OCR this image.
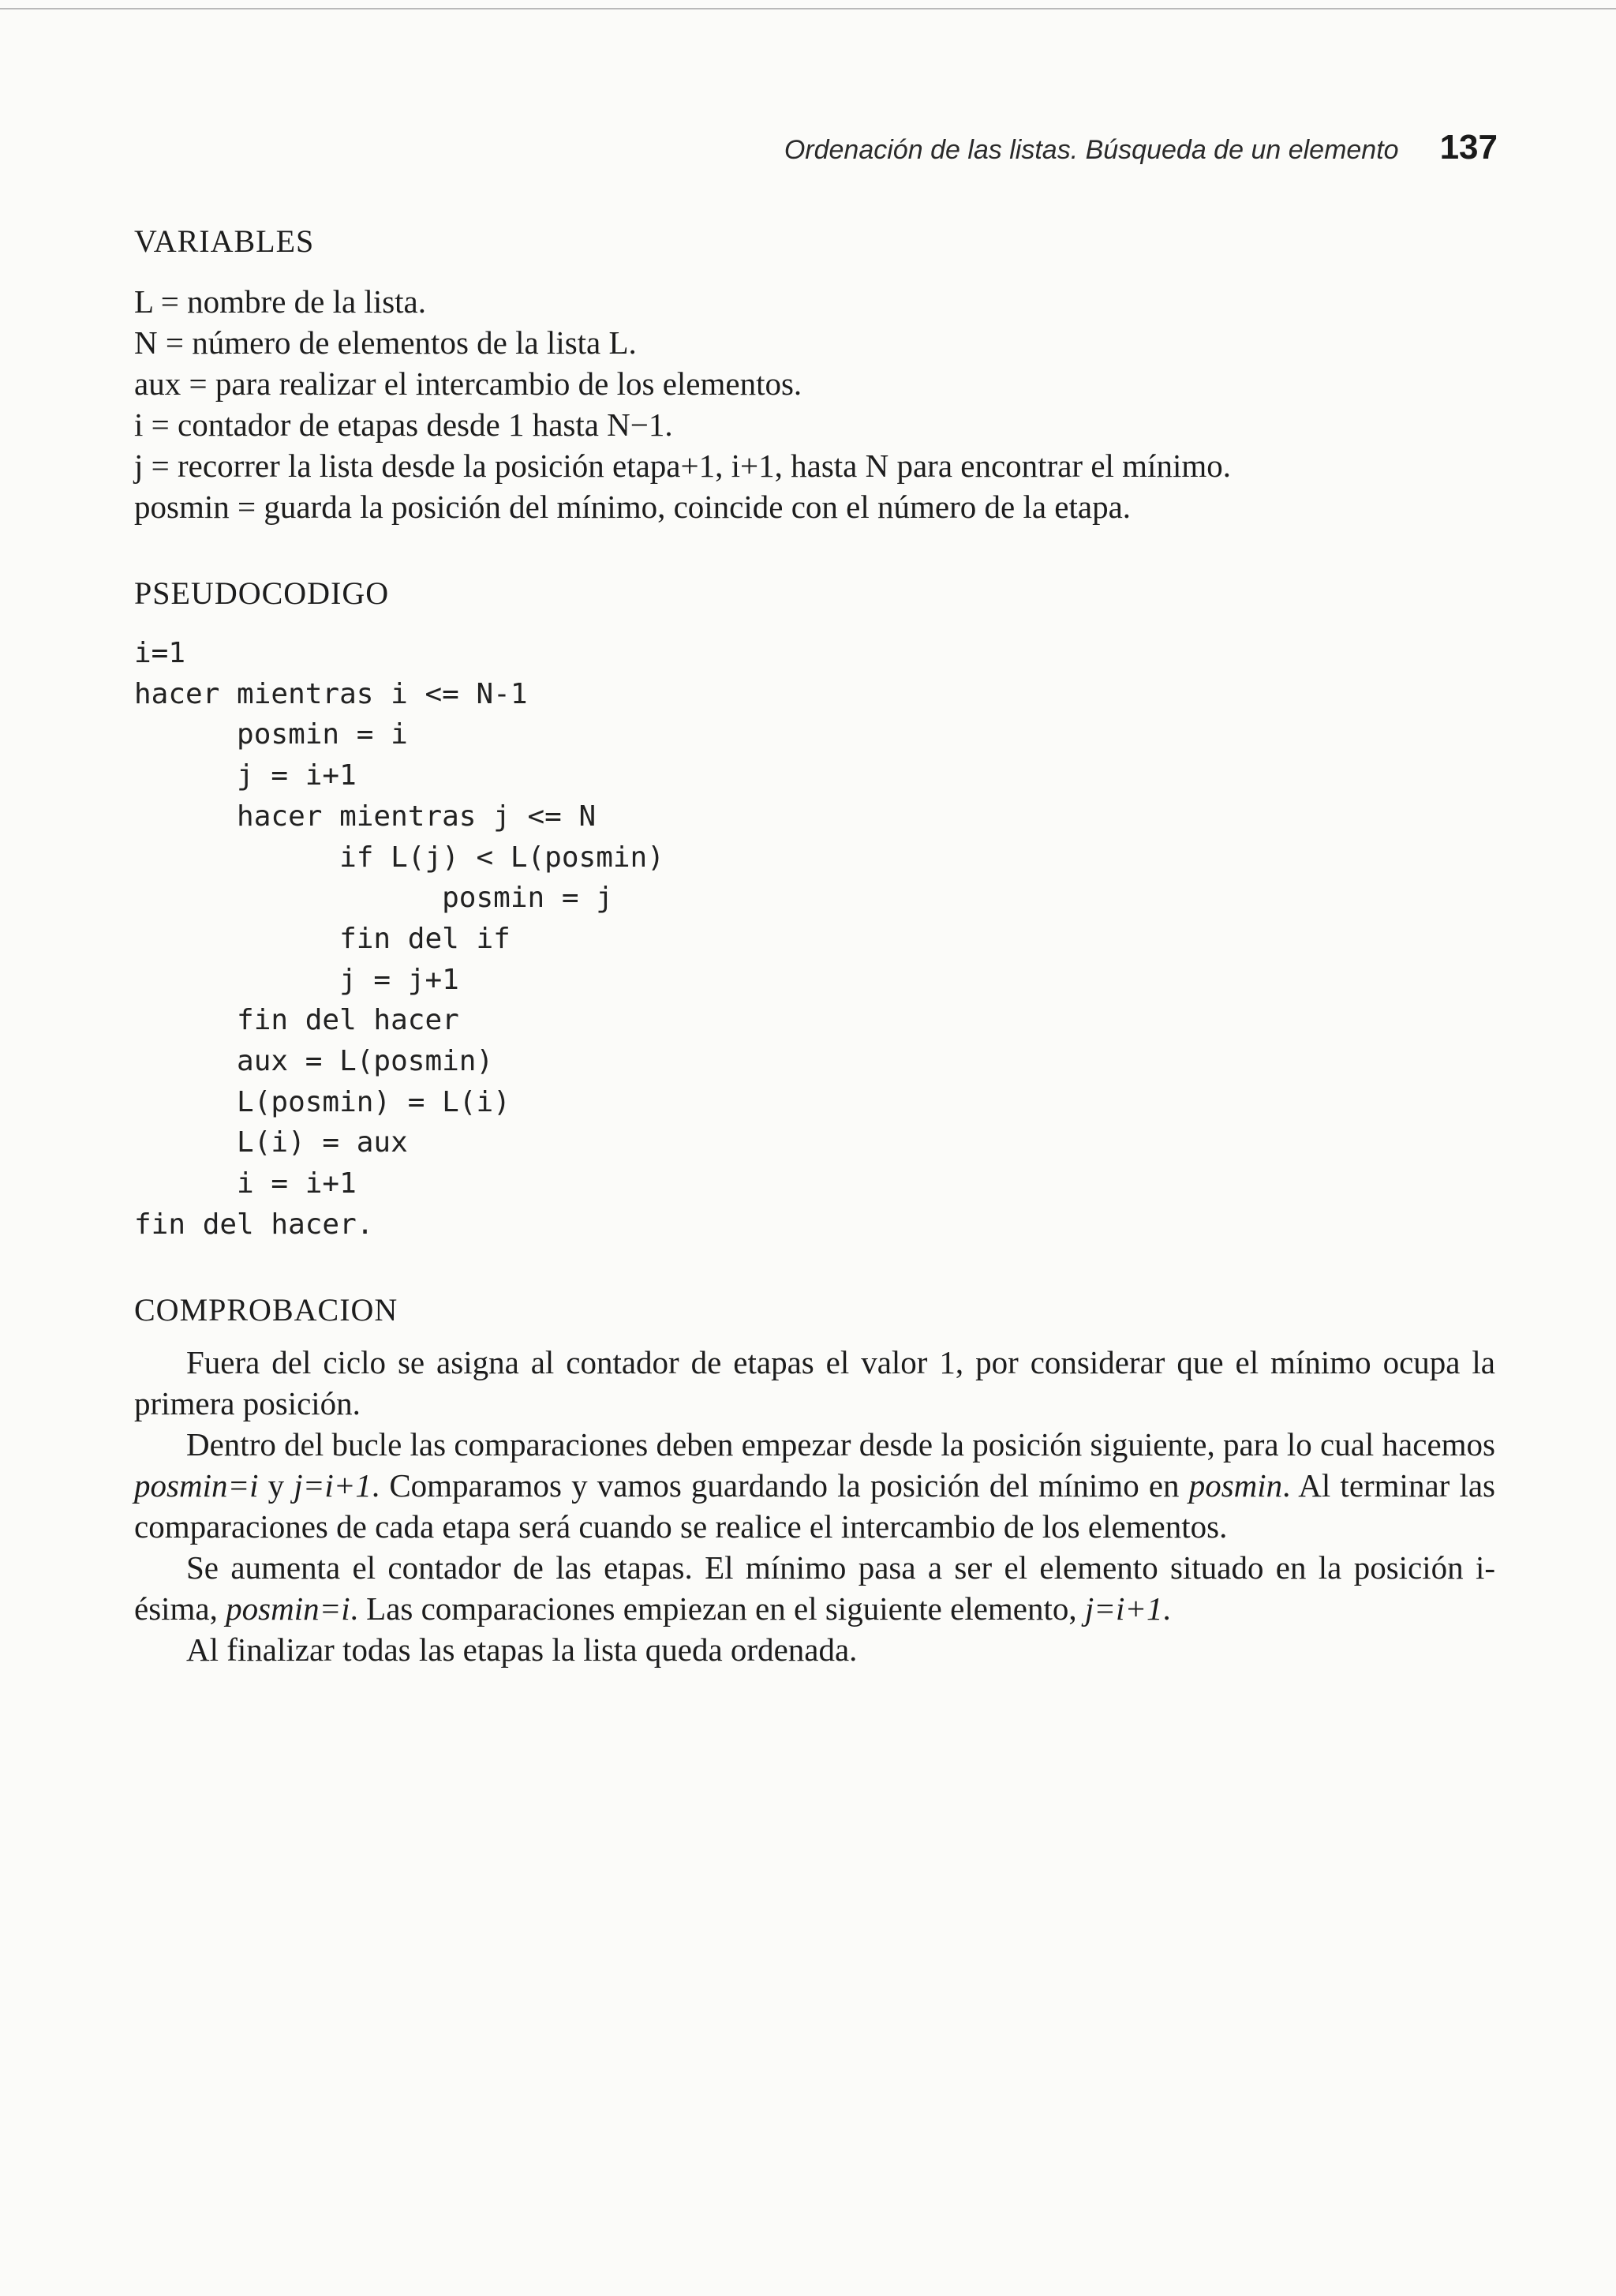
Ordenación de las listas. Búsqueda de un elemento 137
VARIABLES
L = nombre de la lista.
N = número de elementos de la lista L.
aux = para realizar el intercambio de los elementos.
i = contador de etapas desde 1 hasta N−1.
j = recorrer la lista desde la posición etapa+1, i+1, hasta N para encontrar el mínimo.
posmin = guarda la posición del mínimo, coincide con el número de la etapa.
PSEUDOCODIGO
i=1
hacer mientras i <= N-1
posmin = i
j = i+1
hacer mientras j <= N
if L(j) < L(posmin)
posmin = j
fin del if
j = j+1
fin del hacer
aux = L(posmin)
L(posmin) = L(i)
L(i) = aux
i = i+1
fin del hacer.
COMPROBACION

Fuera del ciclo se asigna al contador de etapas el valor 1, por considerar que el mínimo ocupa la primera posición.

Dentro del bucle las comparaciones deben empezar desde la posición siguiente, para lo cual hacemos posmin=i y j=i+1. Comparamos y vamos guardando la posición del mínimo en posmin. Al terminar las comparaciones de cada etapa será cuando se realice el intercambio de los elementos.

Se aumenta el contador de las etapas. El mínimo pasa a ser el elemento situado en la posición i-ésima, posmin=i. Las comparaciones empiezan en el siguiente elemento, j=i+1.

Al finalizar todas las etapas la lista queda ordenada.
